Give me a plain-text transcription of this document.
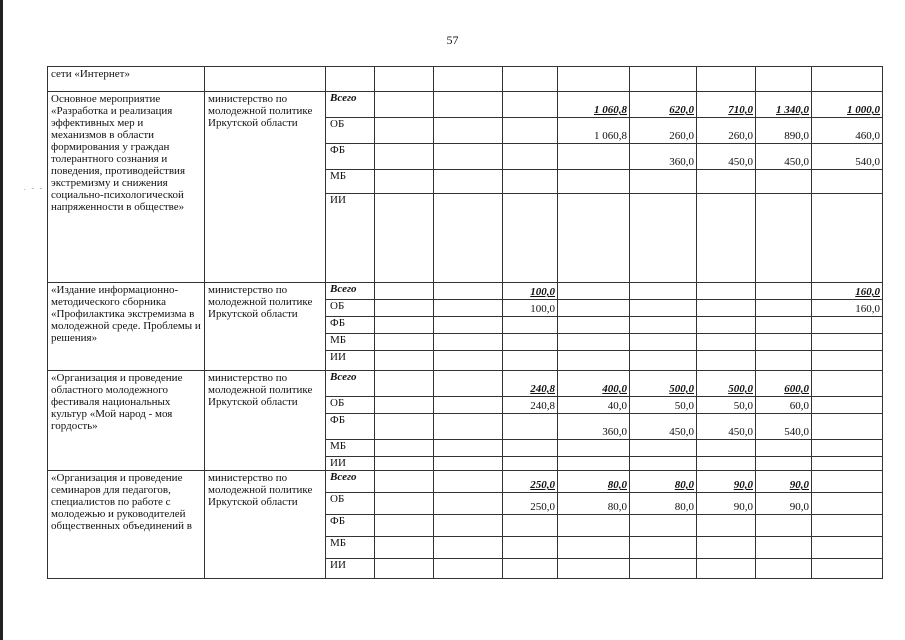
57
. - -
сети «Интернет»											
Основное мероприятие «Разработка и реализация эффективных мер и механизмов в области формирования у граждан толерантного сознания и поведения, противодействия экстремизму и снижения социально-психологической напряженности в обществе»	министерство по молодежной политике Иркутской области	Всего				1 060,8	620,0	710,0	1 340,0	1 000,0	
		ОБ				1 060,8	260,0	260,0	890,0	460,0	
		ФБ					360,0	450,0	450,0	540,0	
		МБ									
		ИИ									
«Издание информационно-методического сборника «Профилактика экстремизма в молодежной среде. Проблемы и решения»	министерство по молодежной политике Иркутской области	Всего			100,0					160,0	
		ОБ			100,0					160,0	
		ФБ									
		МБ									
		ИИ									
«Организация и проведение областного молодежного фестиваля национальных культур «Мой народ - моя гордость»	министерство по молодежной политике Иркутской области	Всего			240,8	400,0	500,0	500,0	600,0		
		ОБ			240,8	40,0	50,0	50,0	60,0		
		ФБ				360,0	450,0	450,0	540,0		
		МБ									
		ИИ									
«Организация и проведение семинаров для педагогов, специалистов по работе с молодежью и руководителей общественных объединений в	министерство по молодежной политике Иркутской области	Всего			250,0	80,0	80,0	90,0	90,0		
		ОБ			250,0	80,0	80,0	90,0	90,0		
		ФБ									
		МБ									
		ИИ									
